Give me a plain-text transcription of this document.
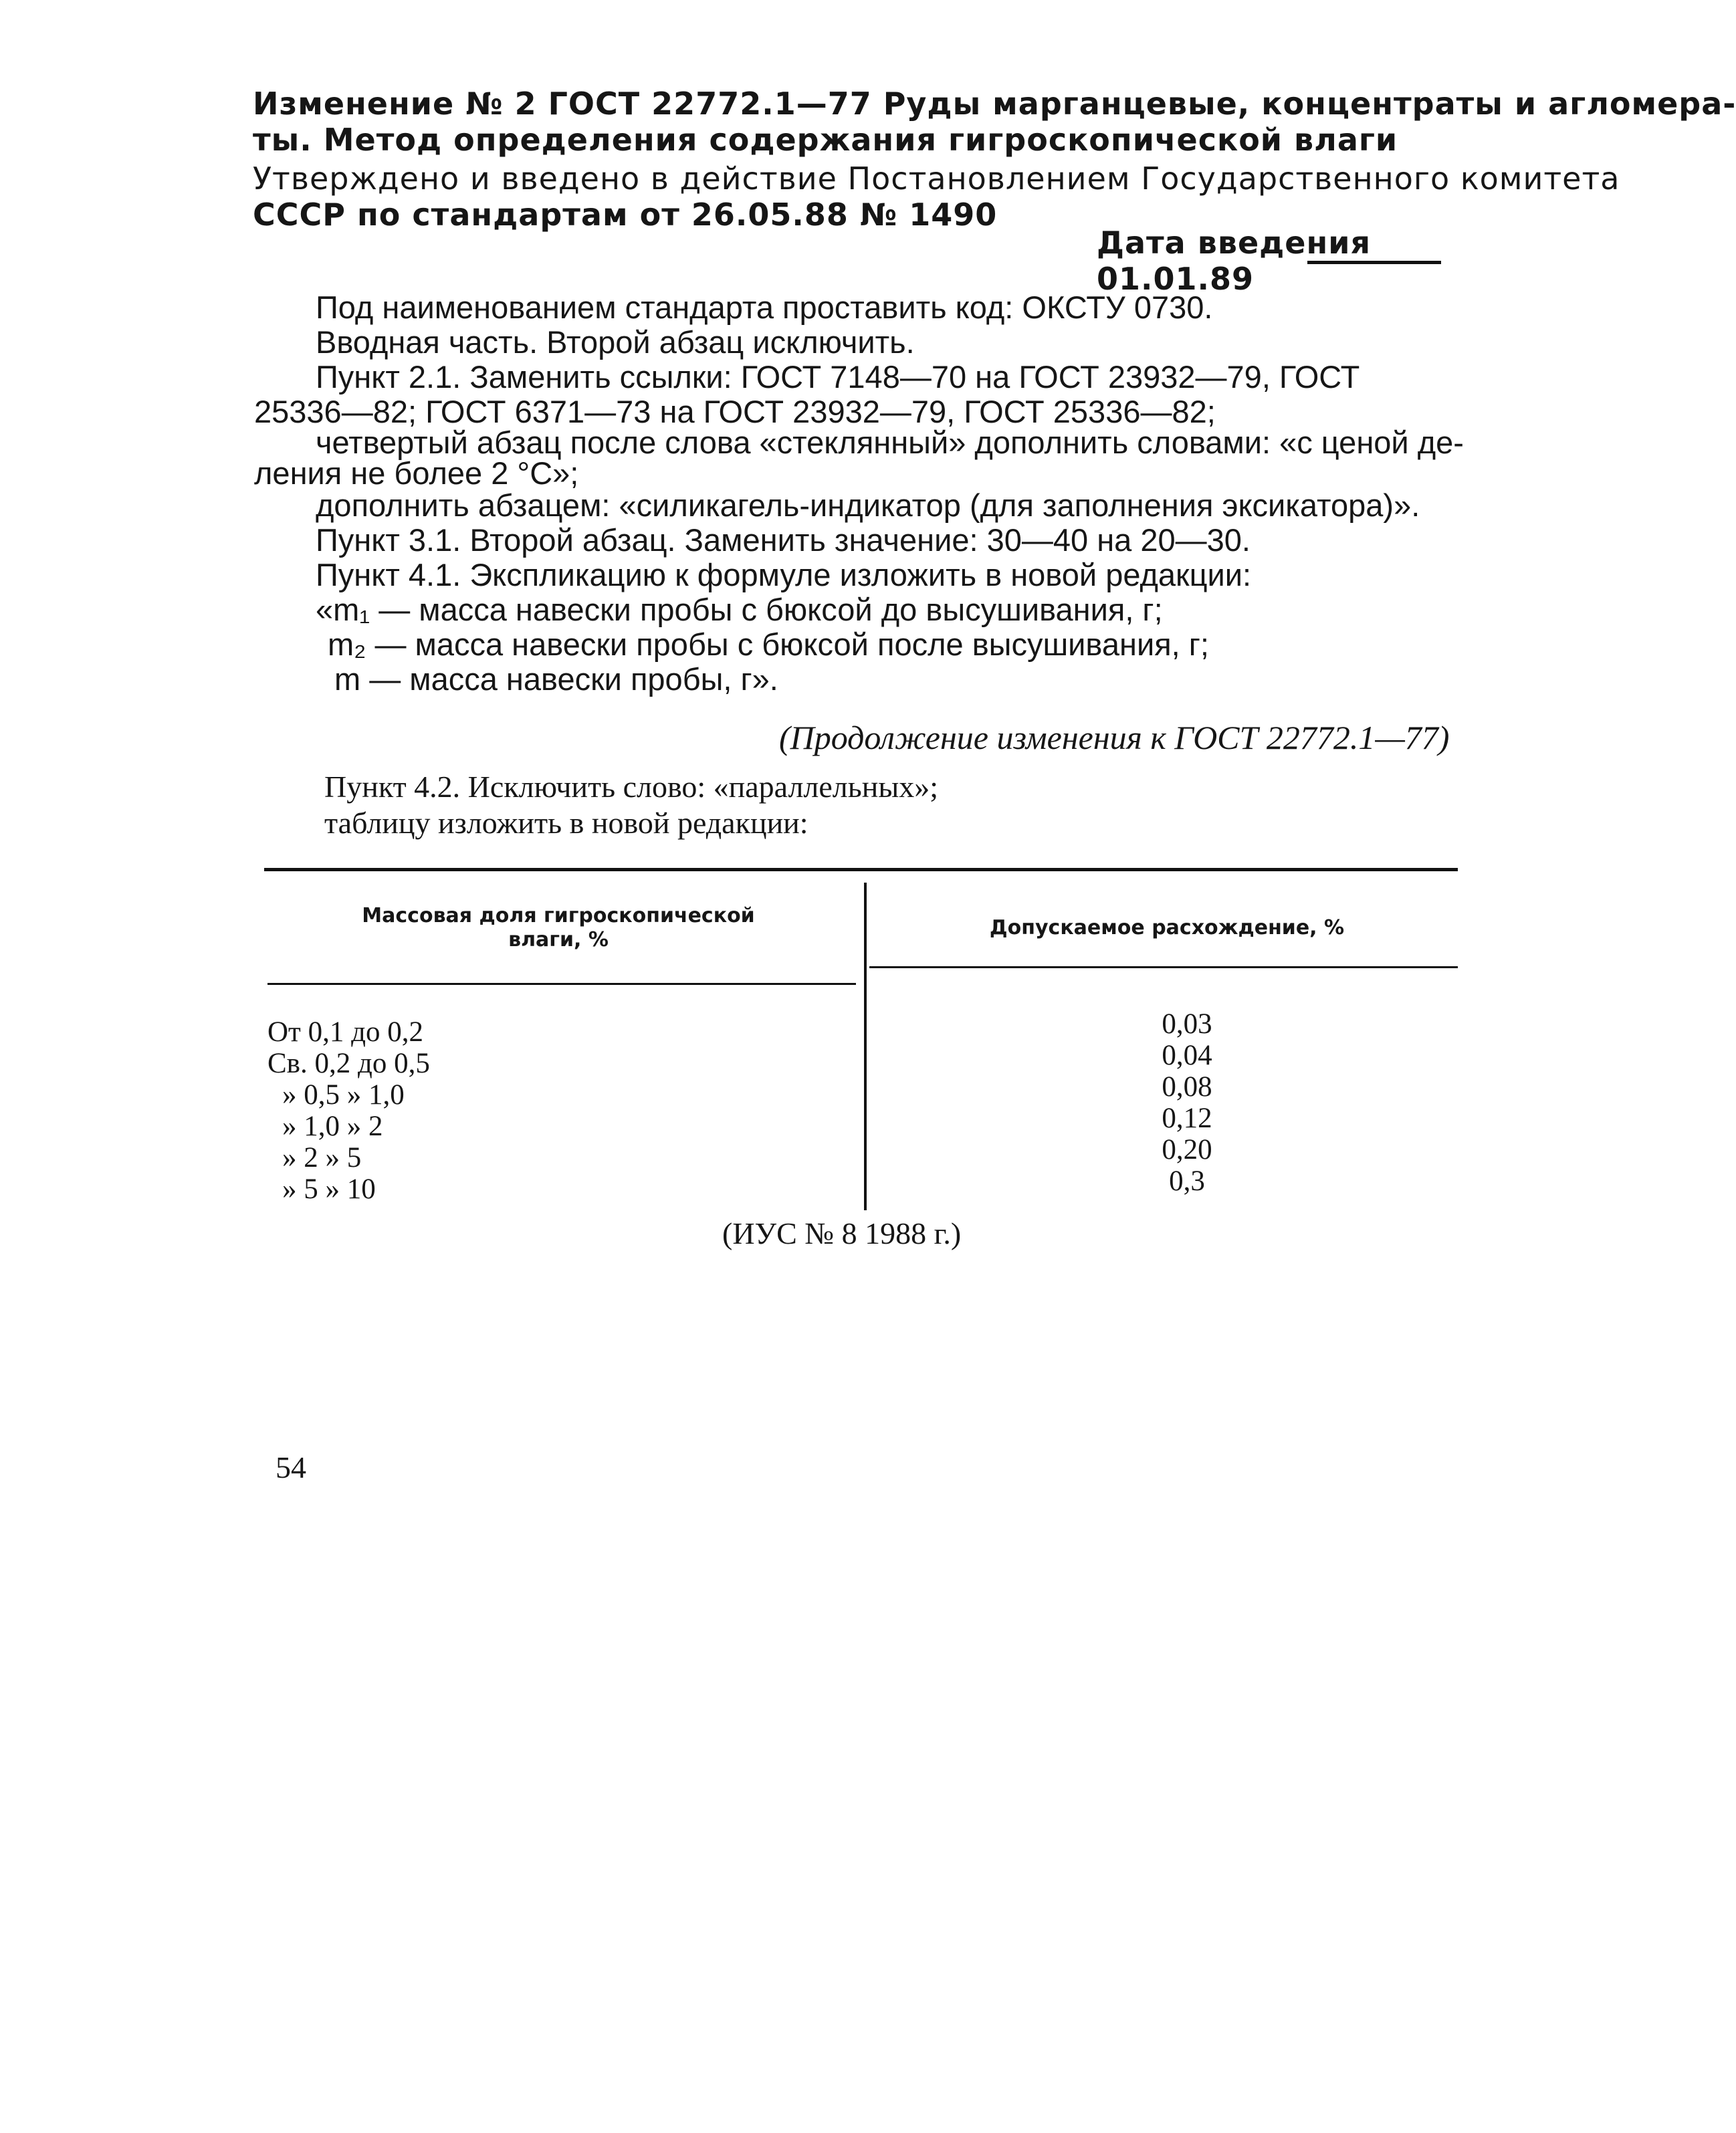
Изменение № 2 ГОСТ 22772.1—77 Руды марганцевые, концентраты и агломера-
ты. Метод определения содержания гигроскопической влаги
Утверждено и введено в действие Постановлением Государственного комитета
СССР по стандартам от 26.05.88 № 1490
Дата введения 01.01.89
Под наименованием стандарта проставить код: ОКСТУ 0730.
Вводная часть. Второй абзац исключить.
Пункт 2.1. Заменить ссылки: ГОСТ 7148—70 на ГОСТ 23932—79, ГОСТ
25336—82; ГОСТ 6371—73 на ГОСТ 23932—79, ГОСТ 25336—82;
четвертый абзац после слова «стеклянный» дополнить словами: «с ценой де-
ления не более 2 °С»;
дополнить абзацем: «силикагель-индикатор (для заполнения эксикатора)».
Пункт 3.1. Второй абзац. Заменить значение: 30—40 на 20—30.
Пункт 4.1. Экспликацию к формуле изложить в новой редакции:
«m₁ — масса навески пробы с бюксой до высушивания, г;
m₂ — масса навески пробы с бюксой после высушивания, г;
m — масса навески пробы, г».
(Продолжение изменения к ГОСТ 22772.1—77)
Пункт 4.2. Исключить слово: «параллельных»;
таблицу изложить в новой редакции:
Массовая доля гигроскопической
влаги, %
Допускаемое расхождение, %
От 0,1 до 0,2
Св. 0,2 до 0,5
» 0,5 » 1,0
» 1,0 » 2
» 2 » 5
» 5 » 10
0,03
0,04
0,08
0,12
0,20
0,3
(ИУС № 8 1988 г.)
54
